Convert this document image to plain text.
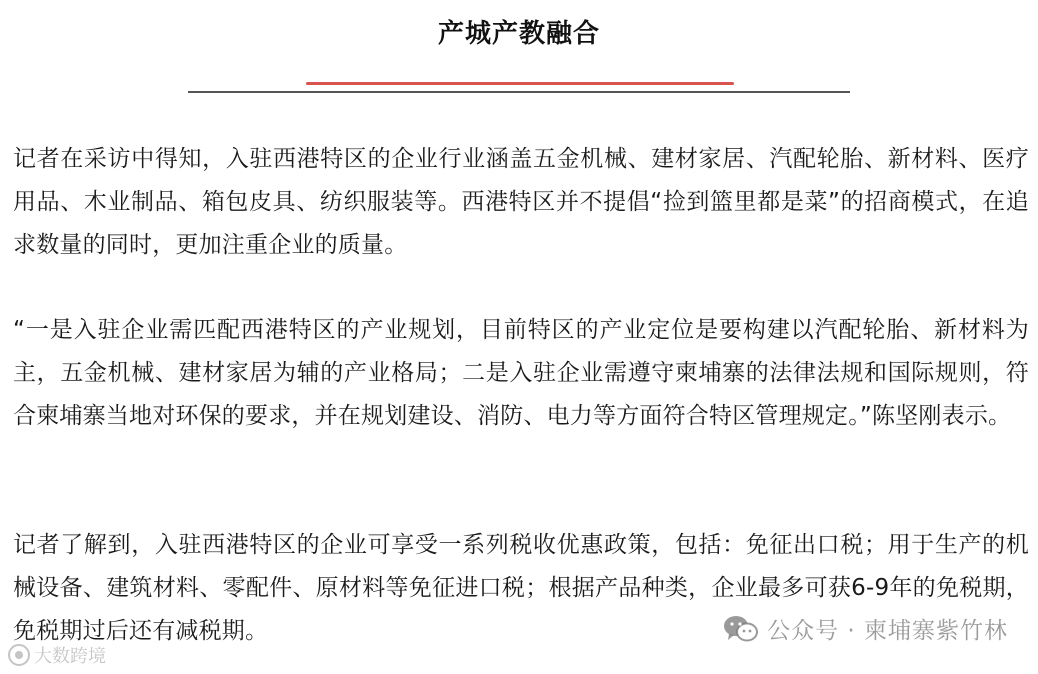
产城产教融合

记者在采访中得知，入驻西港特区的企业行业涵盖五金机械、建材家居、汽配轮胎、新材料、医疗用品、木业制品、箱包皮具、纺织服装等。西港特区并不提倡“捡到篮里都是菜”的招商模式，在追求数量的同时，更加注重企业的质量。

“一是入驻企业需匹配西港特区的产业规划，目前特区的产业定位是要构建以汽配轮胎、新材料为主，五金机械、建材家居为辅的产业格局；二是入驻企业需遵守柬埔寨的法律法规和国际规则，符合柬埔寨当地对环保的要求，并在规划建设、消防、电力等方面符合特区管理规定。”陈坚刚表示。

记者了解到，入驻西港特区的企业可享受一系列税收优惠政策，包括：免征出口税；用于生产的机械设备、建筑材料、零配件、原材料等免征进口税；根据产品种类，企业最多可获6-9年的免税期，免税期过后还有减税期。

大数跨境
公众号 · 柬埔寨紫竹林
